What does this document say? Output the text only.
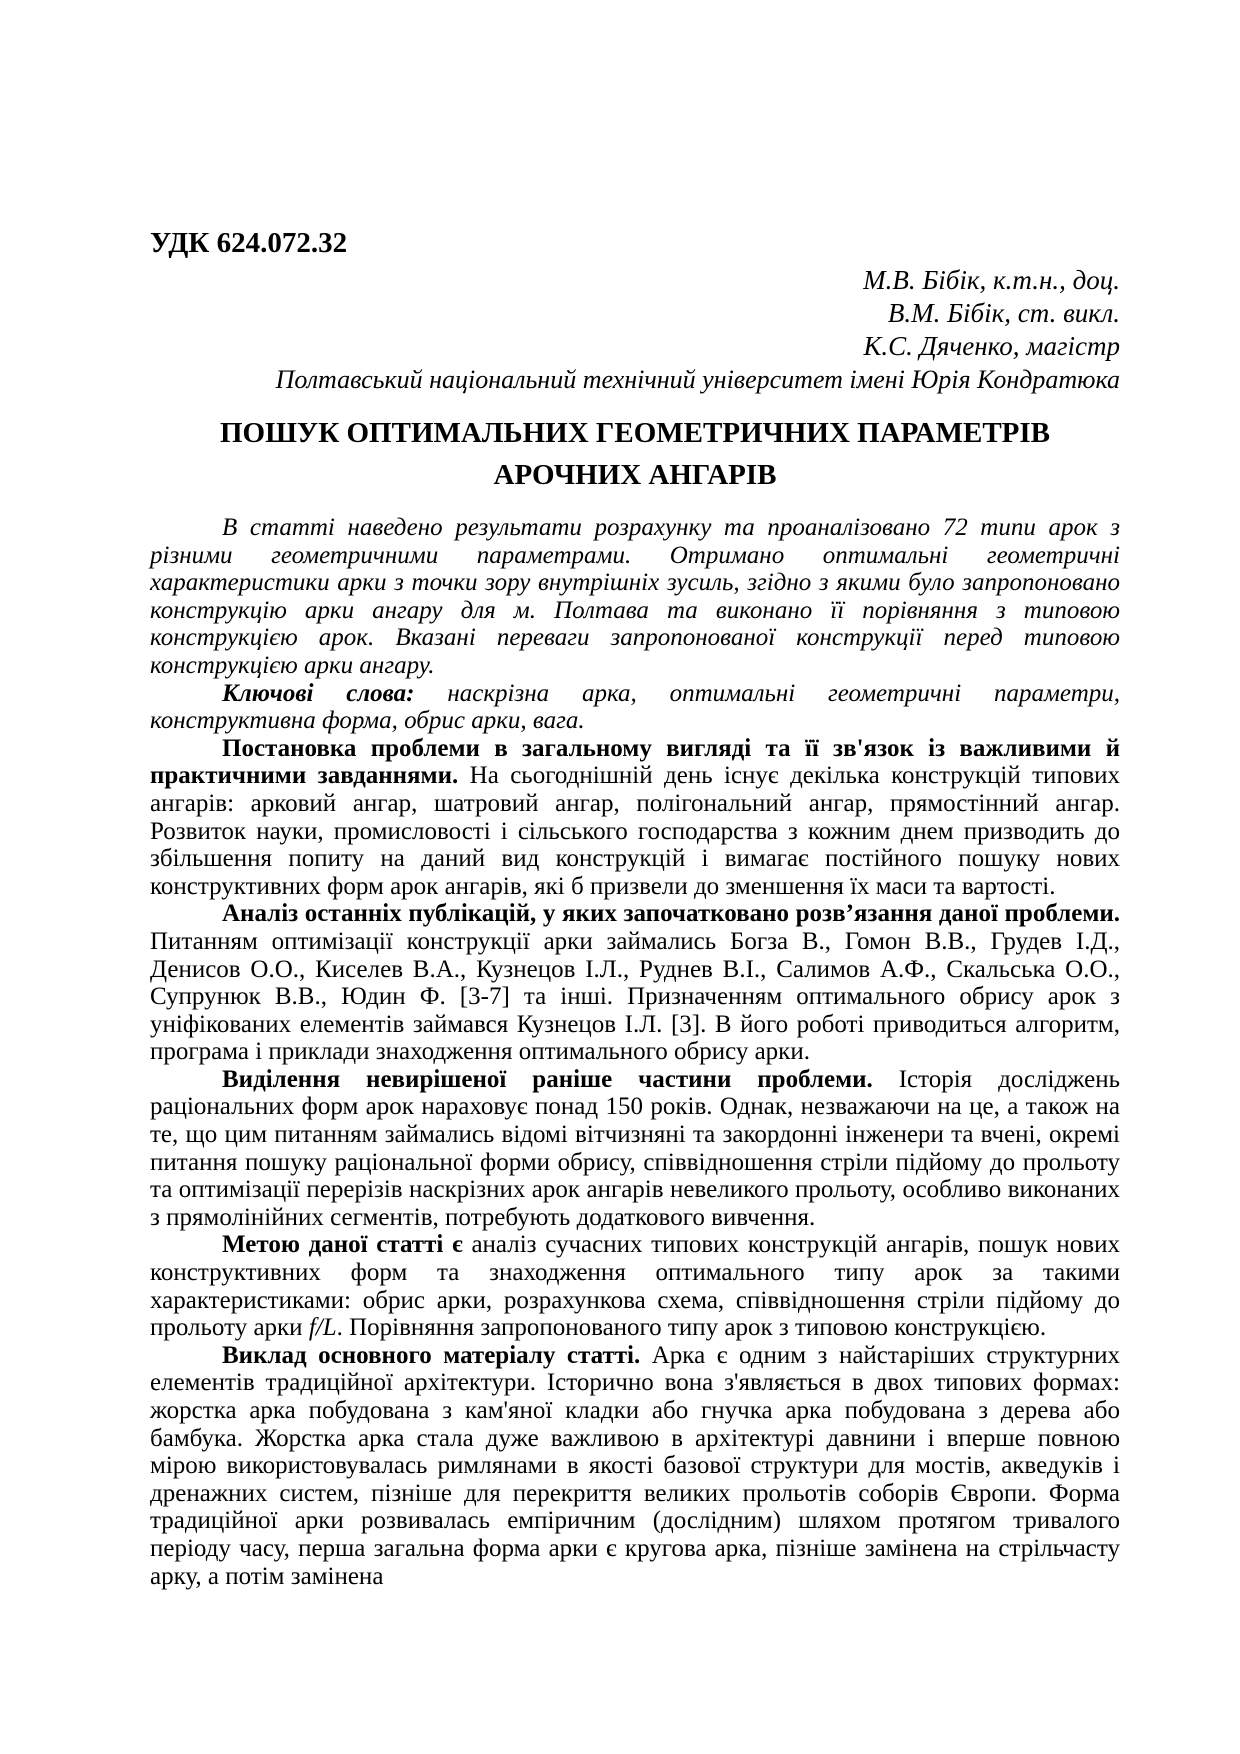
УДК 624.072.32
М.В. Бібік, к.т.н., доц.
В.М. Бібік, ст. викл.
К.С. Дяченко, магістр
Полтавський національний технічний університет імені Юрія Кондратюка
ПОШУК ОПТИМАЛЬНИХ ГЕОМЕТРИЧНИХ ПАРАМЕТРІВ АРОЧНИХ АНГАРІВ

В статті наведено результати розрахунку та проаналізовано 72 типи арок з різними геометричними параметрами. Отримано оптимальні геометричні характеристики арки з точки зору внутрішніх зусиль, згідно з якими було запропоновано конструкцію арки ангару для м. Полтава та виконано її порівняння з типовою конструкцією арок. Вказані переваги запропонованої конструкції перед типовою конструкцією арки ангару.

Ключові слова: наскрізна арка, оптимальні геометричні параметри, конструктивна форма, обрис арки, вага.

Постановка проблеми в загальному вигляді та її зв'язок із важливими й практичними завданнями. На сьогоднішній день існує декілька конструкцій типових ангарів: арковий ангар, шатровий ангар, полігональний ангар, прямостінний ангар. Розвиток науки, промисловості і сільського господарства з кожним днем призводить до збільшення попиту на даний вид конструкцій і вимагає постійного пошуку нових конструктивних форм арок ангарів, які б призвели до зменшення їх маси та вартості.

Аналіз останніх публікацій, у яких започатковано розв’язання даної проблеми. Питанням оптимізації конструкції арки займались Богза В., Гомон В.В., Грудев І.Д., Денисов О.О., Киселев В.А., Кузнецов І.Л., Руднев В.І., Салимов А.Ф., Скальська О.О., Супрунюк В.В., Юдин Ф. [3-7] та інші. Призначенням оптимального обрису арок з уніфікованих елементів займався Кузнецов І.Л. [3]. В його роботі приводиться алгоритм, програма і приклади знаходження оптимального обрису арки.

Виділення невирішеної раніше частини проблеми. Історія досліджень раціональних форм арок нараховує понад 150 років. Однак, незважаючи на це, а також на те, що цим питанням займались відомі вітчизняні та закордонні інженери та вчені, окремі питання пошуку раціональної форми обрису, співвідношення стріли підйому до прольоту та оптимізації перерізів наскрізних арок ангарів невеликого прольоту, особливо виконаних з прямолінійних сегментів, потребують додаткового вивчення.

Метою даної статті є аналіз сучасних типових конструкцій ангарів, пошук нових конструктивних форм та знаходження оптимального типу арок за такими характеристиками: обрис арки, розрахункова схема, співвідношення стріли підйому до прольоту арки f/L. Порівняння запропонованого типу арок з типовою конструкцією.

Виклад основного матеріалу статті. Арка є одним з найстаріших структурних елементів традиційної архітектури. Історично вона з'являється в двох типових формах: жорстка арка побудована з кам'яної кладки або гнучка арка побудована з дерева або бамбука. Жорстка арка стала дуже важливою в архітектурі давнини і вперше повною мірою використовувалась римлянами в якості базової структури для мостів, акведуків і дренажних систем, пізніше для перекриття великих прольотів соборів Європи. Форма традиційної арки розвивалась емпіричним (дослідним) шляхом протягом тривалого періоду часу, перша загальна форма арки є кругова арка, пізніше замінена на стрільчасту арку, а потім замінена
